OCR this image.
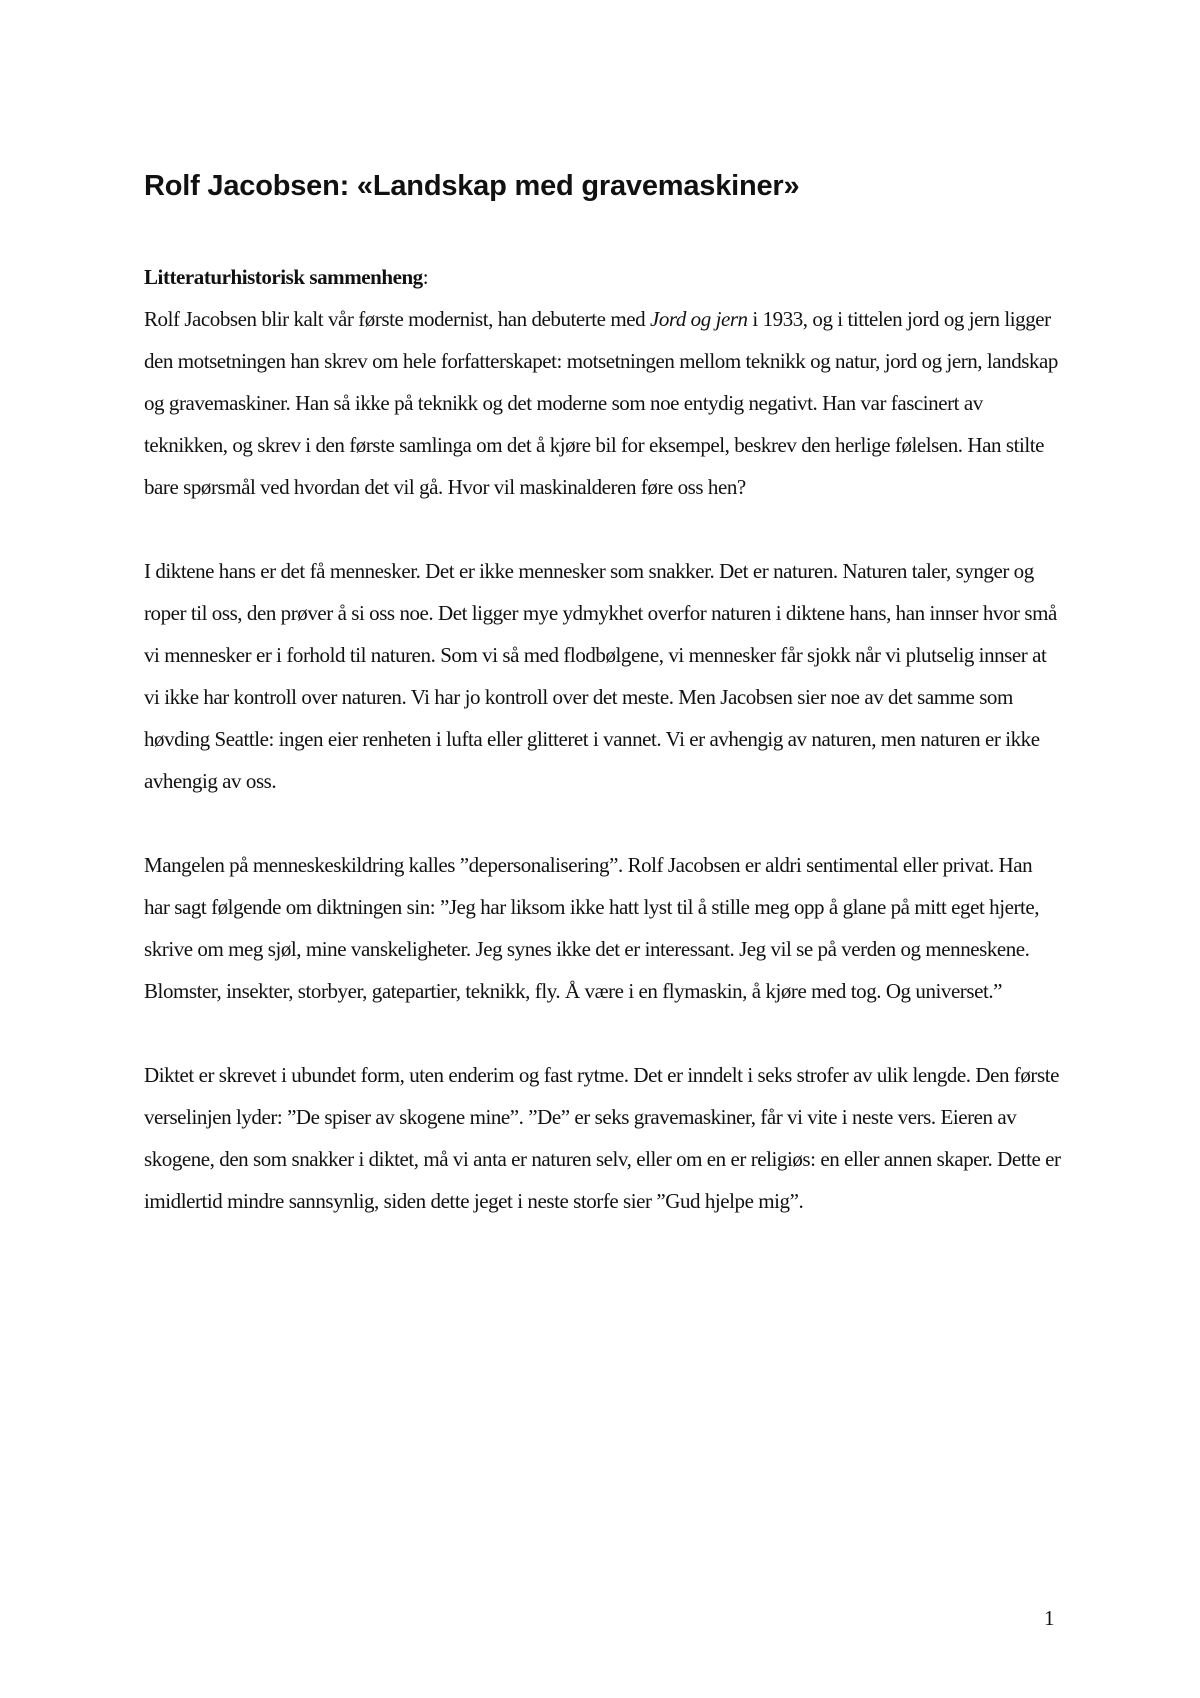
Rolf Jacobsen: «Landskap med gravemaskiner»

Litteraturhistorisk sammenheng:
Rolf Jacobsen blir kalt vår første modernist, han debuterte med Jord og jern i 1933, og i tittelen jord og jern ligger den motsetningen han skrev om hele forfatterskapet: motsetningen mellom teknikk og natur, jord og jern, landskap og gravemaskiner. Han så ikke på teknikk og det moderne som noe entydig negativt. Han var fascinert av teknikken, og skrev i den første samlinga om det å kjøre bil for eksempel, beskrev den herlige følelsen. Han stilte bare spørsmål ved hvordan det vil gå. Hvor vil maskinalderen føre oss hen?

I diktene hans er det få mennesker. Det er ikke mennesker som snakker. Det er naturen. Naturen taler, synger og roper til oss, den prøver å si oss noe. Det ligger mye ydmykhet overfor naturen i diktene hans, han innser hvor små vi mennesker er i forhold til naturen. Som vi så med flodbølgene, vi mennesker får sjokk når vi plutselig innser at vi ikke har kontroll over naturen. Vi har jo kontroll over det meste. Men Jacobsen sier noe av det samme som høvding Seattle: ingen eier renheten i lufta eller glitteret i vannet. Vi er avhengig av naturen, men naturen er ikke avhengig av oss.

Mangelen på menneskeskildring kalles ”depersonalisering”. Rolf Jacobsen er aldri sentimental eller privat. Han har sagt følgende om diktningen sin: ”Jeg har liksom ikke hatt lyst til å stille meg opp å glane på mitt eget hjerte, skrive om meg sjøl, mine vanskeligheter. Jeg synes ikke det er interessant. Jeg vil se på verden og menneskene. Blomster, insekter, storbyer, gatepartier, teknikk, fly. Å være i en flymaskin, å kjøre med tog. Og universet.”

Diktet er skrevet i ubundet form, uten enderim og fast rytme. Det er inndelt i seks strofer av ulik lengde. Den første verselinjen lyder: ”De spiser av skogene mine”. ”De” er seks gravemaskiner, får vi vite i neste vers. Eieren av skogene, den som snakker i diktet, må vi anta er naturen selv, eller om en er religiøs: en eller annen skaper. Dette er imidlertid mindre sannsynlig, siden dette jeget i neste storfe sier ”Gud hjelpe mig”.

1
